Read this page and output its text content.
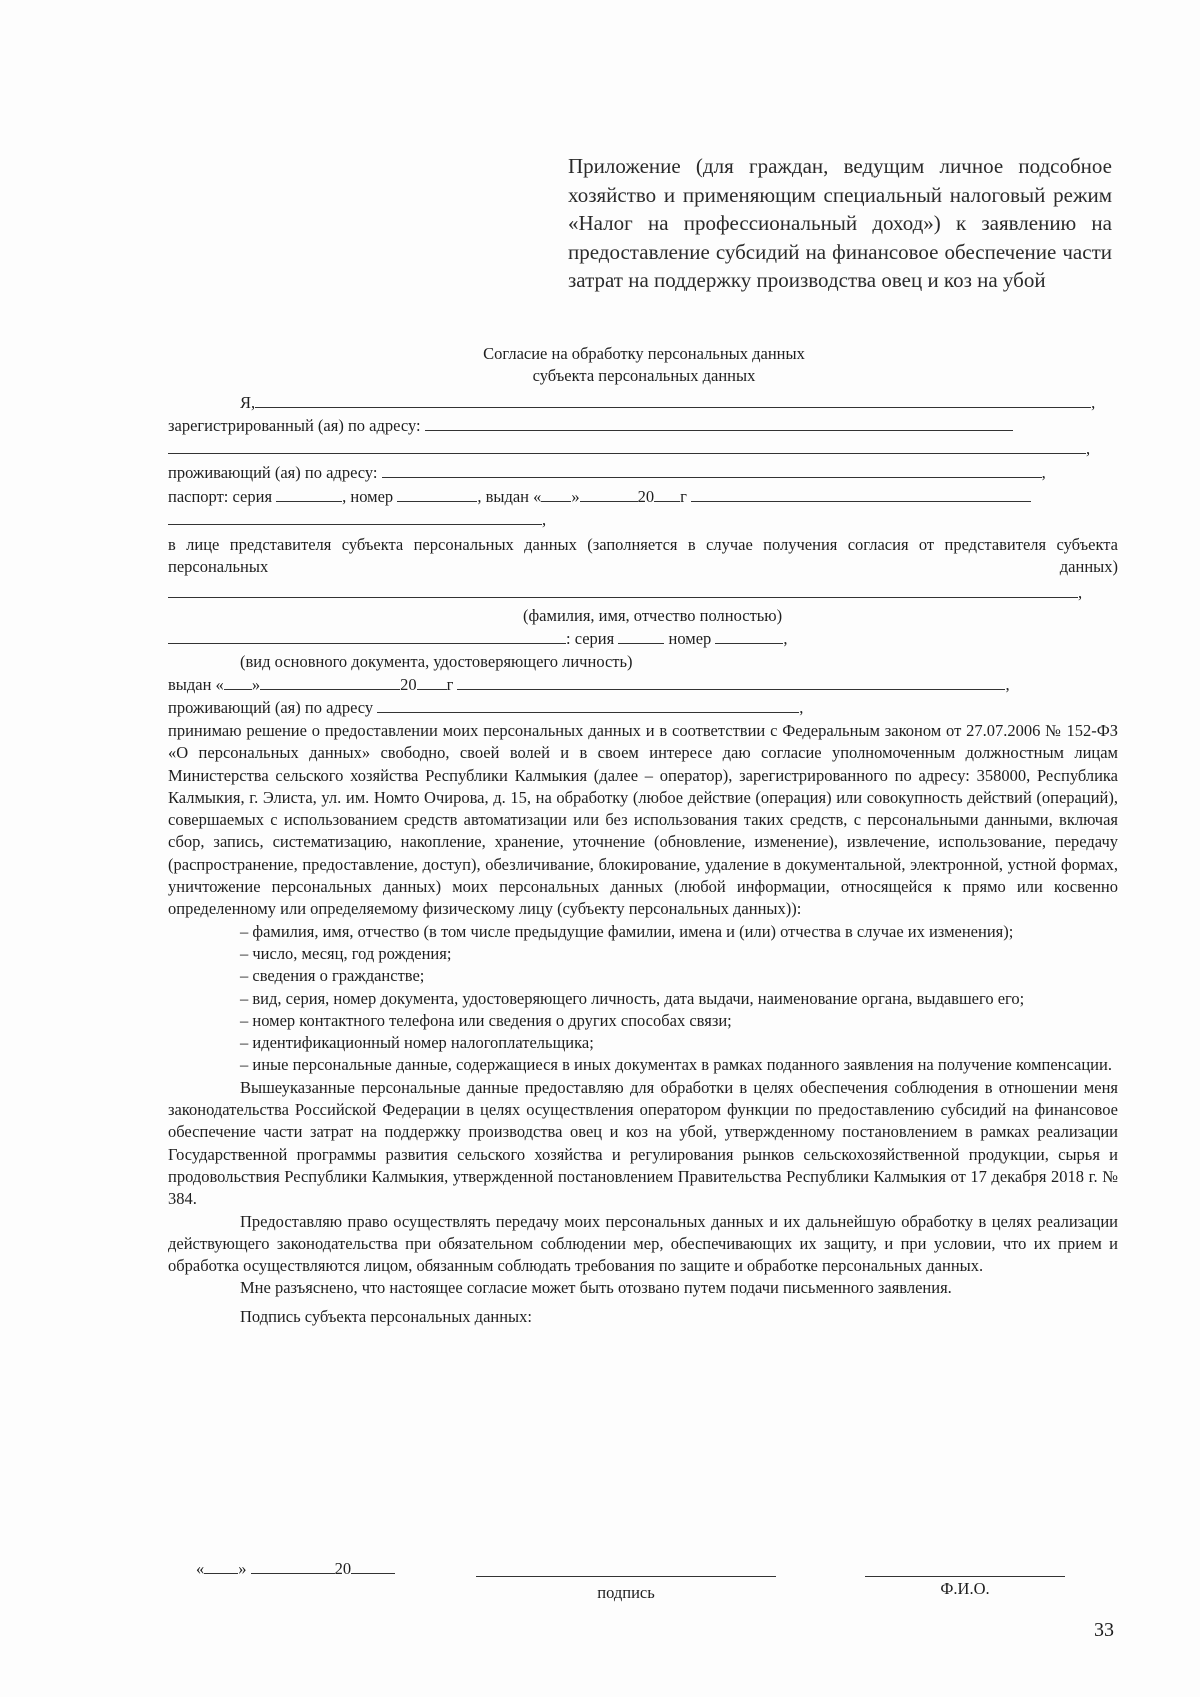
Приложение (для граждан, ведущим личное подсобное хозяйство и применяющим специальный налоговый режим «Налог на профессиональный доход») к заявлению на предоставление субсидий на финансовое обеспечение части затрат на поддержку производства овец и коз на убой
Согласие на обработку персональных данных
субъекта персональных данных
Я,	,
зарегистрированный (ая) по адресу:
,
проживающий (ая) по адресу:	,
паспорт: серия	, номер	, выдан « »	20 г
,
в лице представителя субъекта персональных данных (заполняется в случае получения согласия от представителя субъекта персональных данных)
,
(фамилия, имя, отчество полностью)
: серия	номер	,
(вид основного документа, удостоверяющего личность)
выдан « »	20 г	,
проживающий (ая) по адресу	,

принимаю решение о предоставлении моих персональных данных и в соответствии с Федеральным законом от 27.07.2006 № 152-ФЗ «О персональных данных» свободно, своей волей и в своем интересе даю согласие уполномоченным должностным лицам Министерства сельского хозяйства Республики Калмыкия (далее – оператор), зарегистрированного по адресу: 358000, Республика Калмыкия, г. Элиста, ул. им. Номто Очирова, д. 15, на обработку (любое действие (операция) или совокупность действий (операций), совершаемых с использованием средств автоматизации или без использования таких средств, с персональными данными, включая сбор, запись, систематизацию, накопление, хранение, уточнение (обновление, изменение), извлечение, использование, передачу (распространение, предоставление, доступ), обезличивание, блокирование, удаление в документальной, электронной, устной формах, уничтожение персональных данных) моих персональных данных (любой информации, относящейся к прямо или косвенно определенному или определяемому физическому лицу (субъекту персональных данных)):

– фамилия, имя, отчество (в том числе предыдущие фамилии, имена и (или) отчества в случае их изменения);

– число, месяц, год рождения;

– сведения о гражданстве;

– вид, серия, номер документа, удостоверяющего личность, дата выдачи, наименование органа, выдавшего его;

– номер контактного телефона или сведения о других способах связи;

– идентификационный номер налогоплательщика;

– иные персональные данные, содержащиеся в иных документах в рамках поданного заявления на получение компенсации.

Вышеуказанные персональные данные предоставляю для обработки в целях обеспечения соблюдения в отношении меня законодательства Российской Федерации в целях осуществления оператором функции по предоставлению субсидий на финансовое обеспечение части затрат на поддержку производства овец и коз на убой, утвержденному постановлением в рамках реализации Государственной программы развития сельского хозяйства и регулирования рынков сельскохозяйственной продукции, сырья и продовольствия Республики Калмыкия, утвержденной постановлением Правительства Республики Калмыкия от 17 декабря 2018 г. № 384.

Предоставляю право осуществлять передачу моих персональных данных и их дальнейшую обработку в целях реализации действующего законодательства при обязательном соблюдении мер, обеспечивающих их защиту, и при условии, что их прием и обработка осуществляются лицом, обязанным соблюдать требования по защите и обработке персональных данных.

Мне разъяснено, что настоящее согласие может быть отозвано путем подачи письменного заявления.

Подпись субъекта персональных данных:

« »	20
подпись	Ф.И.О.
33
